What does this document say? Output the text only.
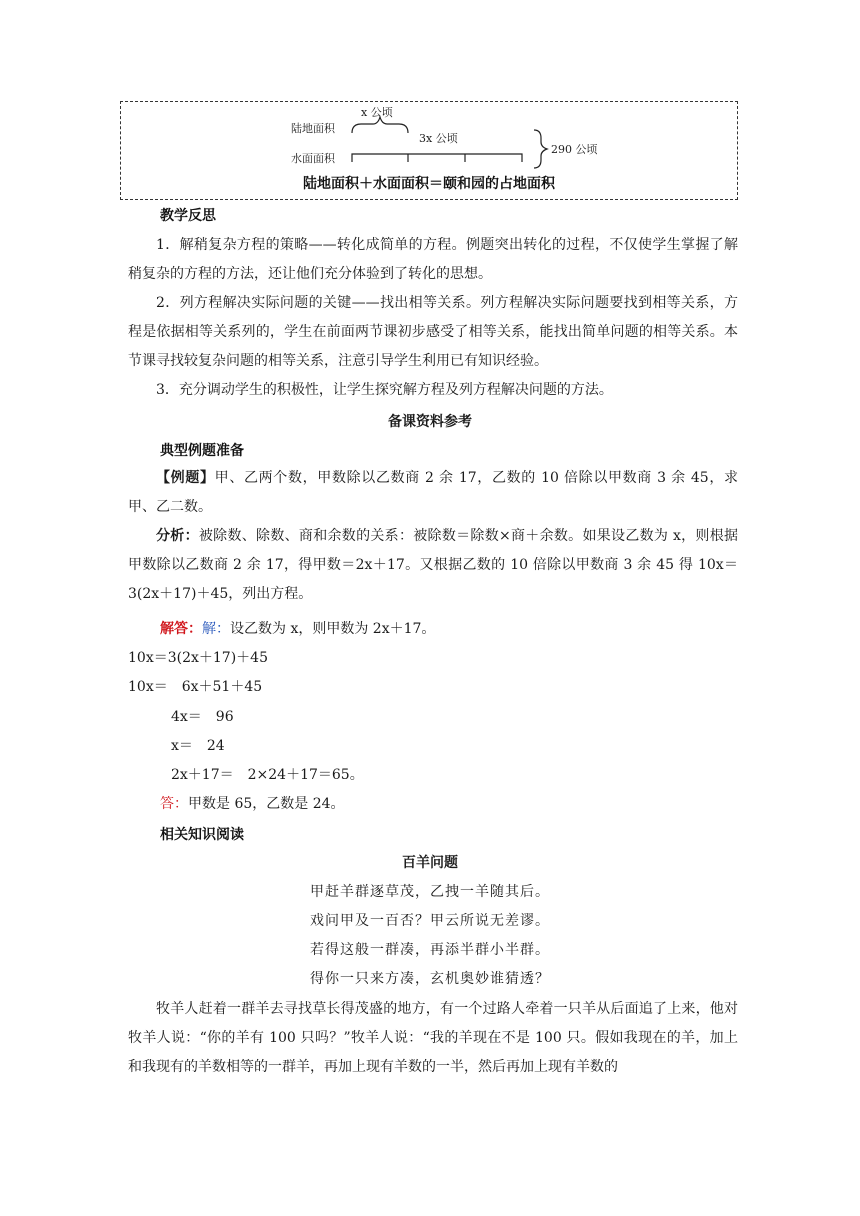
x 公顷
陆地面积
3x 公顷
水面面积
290 公顷
陆地面积＋水面面积＝颐和园的占地面积
教学反思
1．解稍复杂方程的策略——转化成简单的方程。例题突出转化的过程，不仅使学生掌握了解稍复杂的方程的方法，还让他们充分体验到了转化的思想。
2．列方程解决实际问题的关键——找出相等关系。列方程解决实际问题要找到相等关系，方程是依据相等关系列的，学生在前面两节课初步感受了相等关系，能找出简单问题的相等关系。本节课寻找较复杂问题的相等关系，注意引导学生利用已有知识经验。
3．充分调动学生的积极性，让学生探究解方程及列方程解决问题的方法。
备课资料参考
典型例题准备
【例题】甲、乙两个数，甲数除以乙数商 2 余 17，乙数的 10 倍除以甲数商 3 余 45，求甲、乙二数。
分析：被除数、除数、商和余数的关系：被除数＝除数×商＋余数。如果设乙数为 x，则根据甲数除以乙数商 2 余 17，得甲数＝2x＋17。又根据乙数的 10 倍除以甲数商 3 余 45 得 10x＝3(2x＋17)＋45，列出方程。
解答：解：设乙数为 x，则甲数为 2x＋17。
10x＝3(2x＋17)＋45
10x＝　6x＋51＋45
4x＝　96
x＝　24
2x＋17＝　2×24＋17＝65。
答：甲数是 65，乙数是 24。
相关知识阅读
百羊问题
甲赶羊群逐草茂，乙拽一羊随其后。
戏问甲及一百否？甲云所说无差谬。
若得这般一群凑，再添半群小半群。
得你一只来方凑，玄机奥妙谁猜透？
牧羊人赶着一群羊去寻找草长得茂盛的地方，有一个过路人牵着一只羊从后面追了上来，他对牧羊人说：“你的羊有 100 只吗？”牧羊人说：“我的羊现在不是 100 只。假如我现在的羊，加上和我现有的羊数相等的一群羊，再加上现有羊数的一半，然后再加上现有羊数的
